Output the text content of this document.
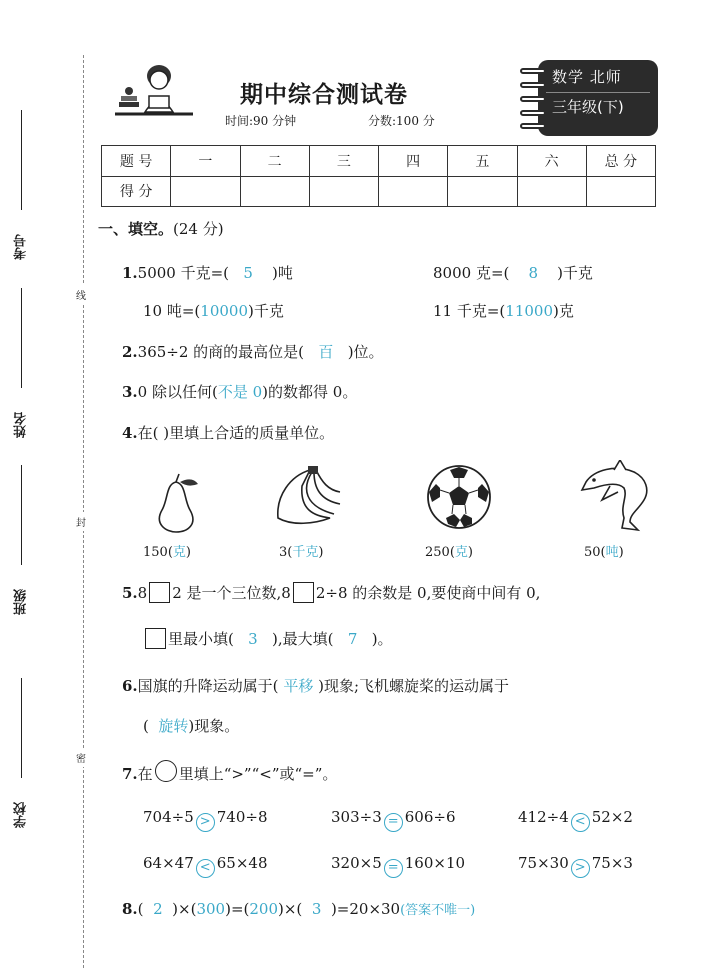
线
封
密
考号
姓名
班级
学校
期中综合测试卷
时间:90 分钟	分数:100 分
数学 北师
三年级(下)
题 号	一	二	三	四	五	六	总 分
得 分							
一、填空。(24 分)
1.5000 千克=( 5 )吨	8000 克=( 8 )千克
10 吨=(10000)千克	11 千克=(11000)克
2.365÷2 的商的最高位是( 百 )位。
3.0 除以任何(不是 0)的数都得 0。
4.在( )里填上合适的质量单位。
150(克)	3(千克)	250(克)	50(吨)
5.8 2 是一个三位数,8 2÷8 的余数是 0,要使商中间有 0,
里最小填( 3 ),最大填( 7 )。
6.国旗的升降运动属于( 平移 )现象;飞机螺旋桨的运动属于
( 旋转)现象。
7.在 里填上“>”“<”或“=”。
704÷5 > 740÷8	303÷3 = 606÷6	412÷4 < 52×2
64×47 < 65×48	320×5 = 160×10	75×30 > 75×3
8.( 2 )×(300)=(200)×( 3 )=20×30(答案不唯一)
